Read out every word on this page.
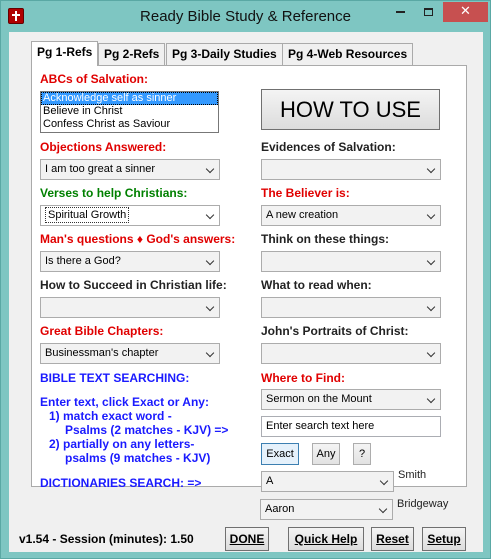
Ready Bible Study & Reference	✕
Pg 1-Refs Pg 2-Refs	Pg 3-Daily Studies Pg 4-Web Resources
ABCs of Salvation:
Acknowledge self as sinner
Believe in Christ
Confess Christ as Saviour
Objections Answered:
I am too great a sinner
Verses to help Christians:
Spiritual Growth
Man's questions ♦ God's answers:
Is there a God?
How to Succeed in Christian life:
Great Bible Chapters:
Businessman's chapter
BIBLE TEXT SEARCHING:
Enter text, click Exact or Any:
1) match exact word -
Psalms (2 matches - KJV) =>
2) partially on any letters-
psalms (9 matches - KJV)
DICTIONARIES SEARCH: =>
HOW TO USE
Evidences of Salvation:
The Believer is:
A new creation
Think on these things:
What to read when:
John's Portraits of Christ:
Where to Find:
Sermon on the Mount
Enter search text here
Exact	Any	?
A	Smith
Aaron	Bridgeway
v1.54 - Session (minutes): 1.50	DONE	Quick Help	Reset	Setup
